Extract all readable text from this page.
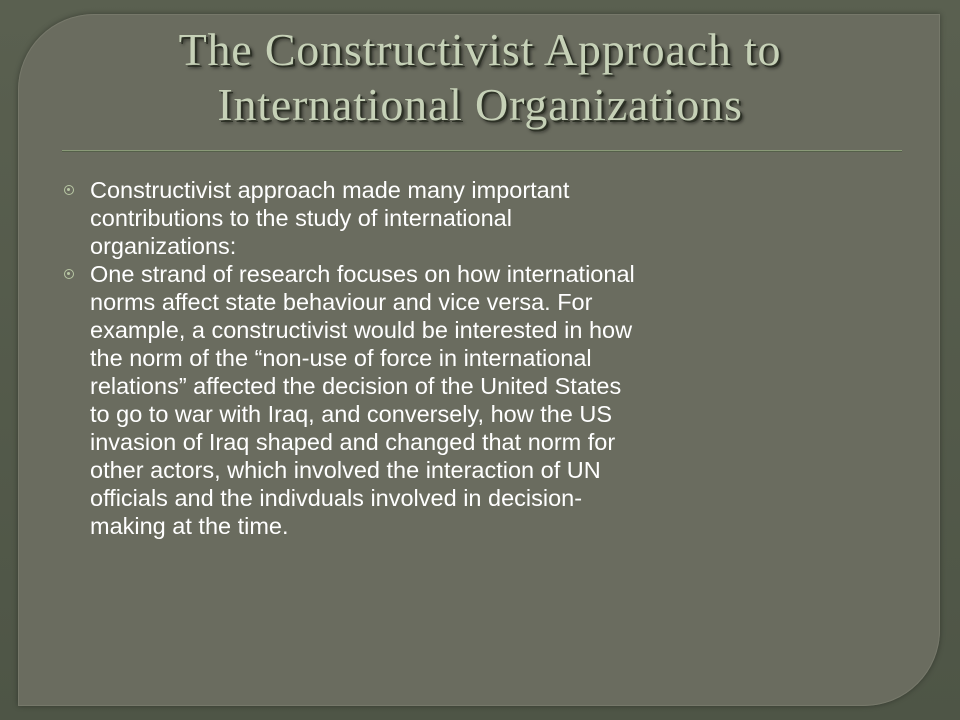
The Constructivist Approach to
International Organizations
Constructivist approach made many important
contributions to the study of international
organizations:
One strand of research focuses on how international
norms affect state behaviour and vice versa. For
example, a constructivist would be interested in how
the norm of the “non-use of force in international
relations” affected the decision of the United States
to go to war with Iraq, and conversely, how the US
invasion of Iraq shaped and changed that norm for
other actors, which involved the interaction of UN
officials and the indivduals involved in decision-
making at the time.
